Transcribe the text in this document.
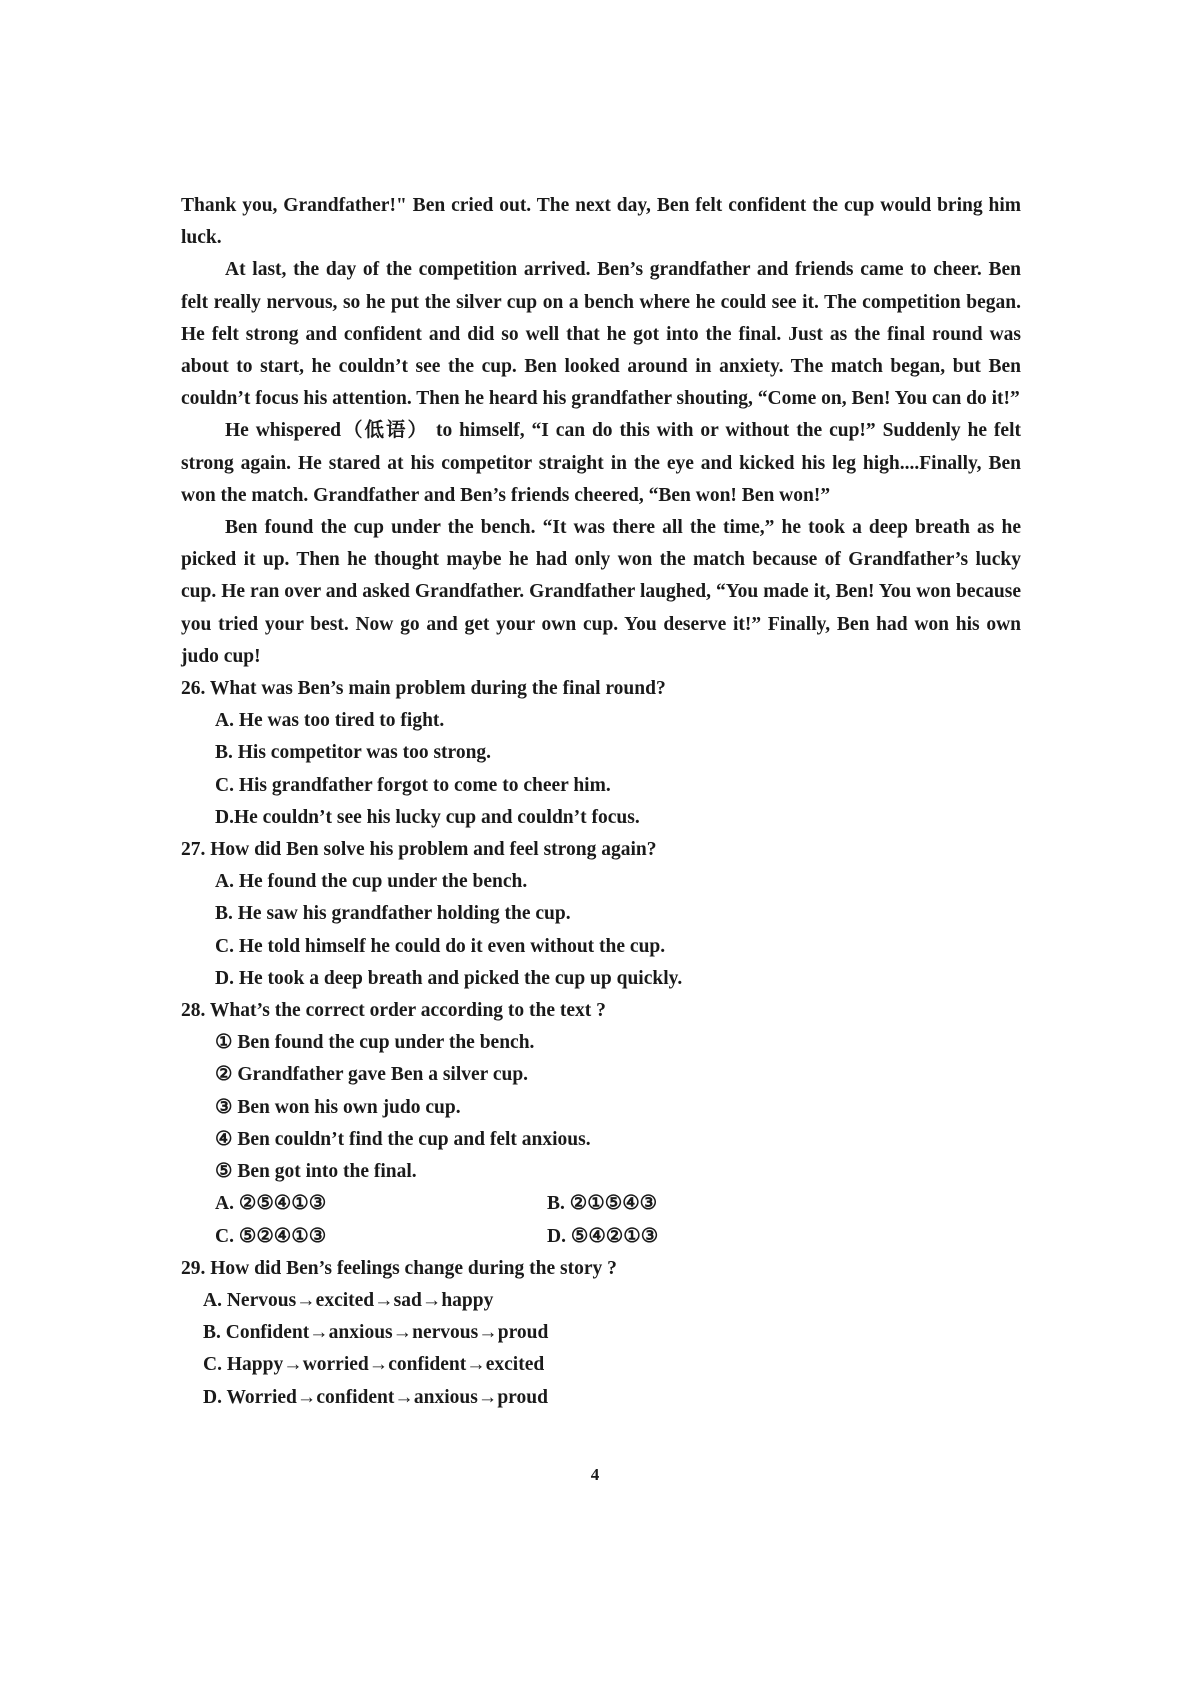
Thank you, Grandfather!" Ben cried out. The next day, Ben felt confident the cup would bring him luck.

At last, the day of the competition arrived. Ben’s grandfather and friends came to cheer. Ben felt really nervous, so he put the silver cup on a bench where he could see it. The competition began. He felt strong and confident and did so well that he got into the final. Just as the final round was about to start, he couldn’t see the cup. Ben looked around in anxiety. The match began, but Ben couldn’t focus his attention. Then he heard his grandfather shouting, “Come on, Ben! You can do it!”

He whispered（低语） to himself, “I can do this with or without the cup!” Suddenly he felt strong again. He stared at his competitor straight in the eye and kicked his leg high....Finally, Ben won the match. Grandfather and Ben’s friends cheered, “Ben won! Ben won!”

Ben found the cup under the bench. “It was there all the time,” he took a deep breath as he picked it up. Then he thought maybe he had only won the match because of Grandfather’s lucky cup. He ran over and asked Grandfather. Grandfather laughed, “You made it, Ben! You won because you tried your best. Now go and get your own cup. You deserve it!” Finally, Ben had won his own judo cup!

26. What was Ben’s main problem during the final round?

A. He was too tired to fight.

B. His competitor was too strong.

C. His grandfather forgot to come to cheer him.

D.He couldn’t see his lucky cup and couldn’t focus.

27. How did Ben solve his problem and feel strong again?

A. He found the cup under the bench.

B. He saw his grandfather holding the cup.

C. He told himself he could do it even without the cup.

D. He took a deep breath and picked the cup up quickly.

28. What’s the correct order according to the text ?

① Ben found the cup under the bench.

② Grandfather gave Ben a silver cup.

③ Ben won his own judo cup.

④ Ben couldn’t find the cup and felt anxious.

⑤ Ben got into the final.

A. ②⑤④①③	B. ②①⑤④③
C. ⑤②④①③	D. ⑤④②①③

29. How did Ben’s feelings change during the story ?

A. Nervous→excited→sad→happy

B. Confident→anxious→nervous→proud

C. Happy→worried→confident→excited

D. Worried→confident→anxious→proud

4
